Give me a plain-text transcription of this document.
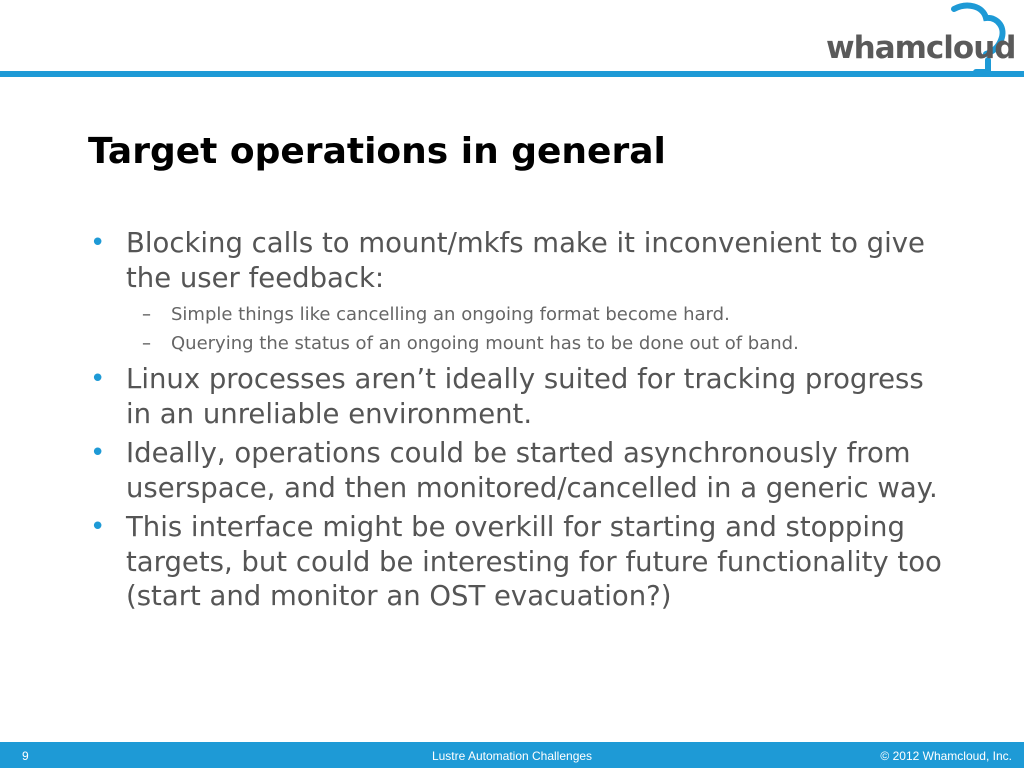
whamcloud
Target operations in general
• Blocking calls to mount/mkfs make it inconvenient to give the user feedback:
– Simple things like cancelling an ongoing format become hard.
– Querying the status of an ongoing mount has to be done out of band.
• Linux processes aren’t ideally suited for tracking progress in an unreliable environment.
• Ideally, operations could be started asynchronously from userspace, and then monitored/cancelled in a generic way.
• This interface might be overkill for starting and stopping targets, but could be interesting for future functionality too (start and monitor an OST evacuation?)
9	Lustre Automation Challenges	© 2012 Whamcloud, Inc.
